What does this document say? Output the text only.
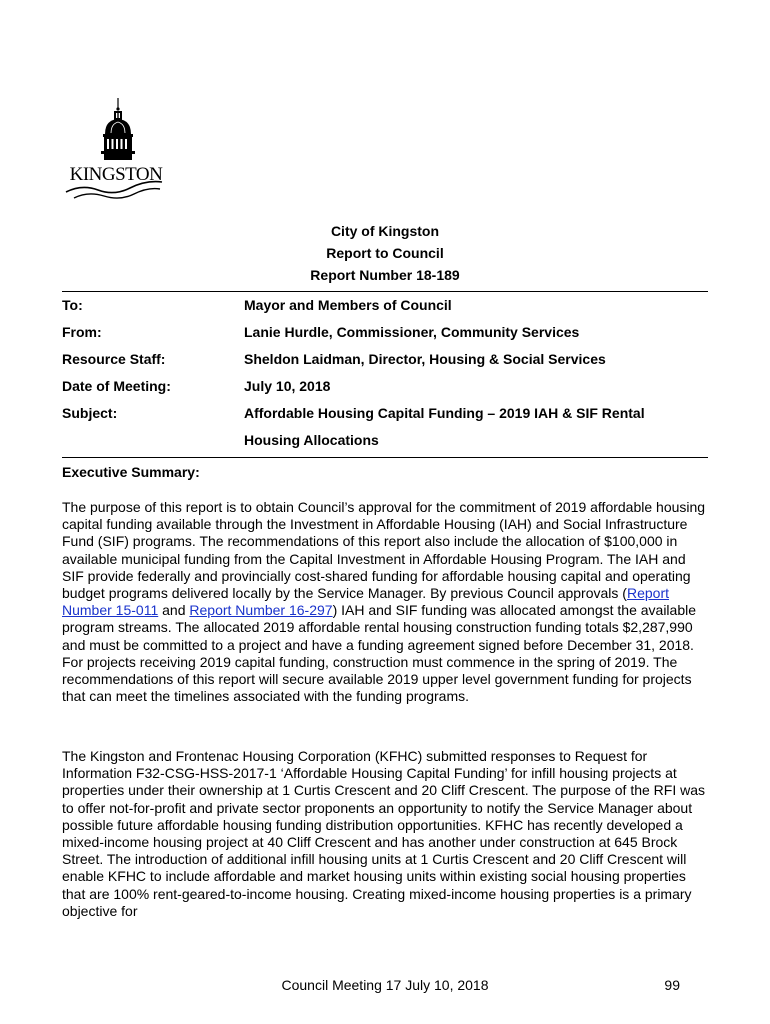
KINGSTON
City of Kingston
Report to Council
Report Number 18-189
To:	Mayor and Members of Council
From:	Lanie Hurdle, Commissioner, Community Services
Resource Staff:	Sheldon Laidman, Director, Housing & Social Services
Date of Meeting:	July 10, 2018
Subject:	Affordable Housing Capital Funding – 2019 IAH & SIF Rental
Housing Allocations
Executive Summary:
The purpose of this report is to obtain Council’s approval for the commitment of 2019 affordable housing capital funding available through the Investment in Affordable Housing (IAH) and Social Infrastructure Fund (SIF) programs. The recommendations of this report also include the allocation of $100,000 in available municipal funding from the Capital Investment in Affordable Housing Program. The IAH and SIF provide federally and provincially cost-shared funding for affordable housing capital and operating budget programs delivered locally by the Service Manager. By previous Council approvals (Report Number 15-011 and Report Number 16-297) IAH and SIF funding was allocated amongst the available program streams. The allocated 2019 affordable rental housing construction funding totals $2,287,990 and must be committed to a project and have a funding agreement signed before December 31, 2018. For projects receiving 2019 capital funding, construction must commence in the spring of 2019. The recommendations of this report will secure available 2019 upper level government funding for projects that can meet the timelines associated with the funding programs.
The Kingston and Frontenac Housing Corporation (KFHC) submitted responses to Request for Information F32-CSG-HSS-2017-1 ‘Affordable Housing Capital Funding’ for infill housing projects at properties under their ownership at 1 Curtis Crescent and 20 Cliff Crescent. The purpose of the RFI was to offer not-for-profit and private sector proponents an opportunity to notify the Service Manager about possible future affordable housing funding distribution opportunities. KFHC has recently developed a mixed-income housing project at 40 Cliff Crescent and has another under construction at 645 Brock Street. The introduction of additional infill housing units at 1 Curtis Crescent and 20 Cliff Crescent will enable KFHC to include affordable and market housing units within existing social housing properties that are 100% rent-geared-to-income housing. Creating mixed-income housing properties is a primary objective for
Council Meeting 17 July 10, 2018	99
